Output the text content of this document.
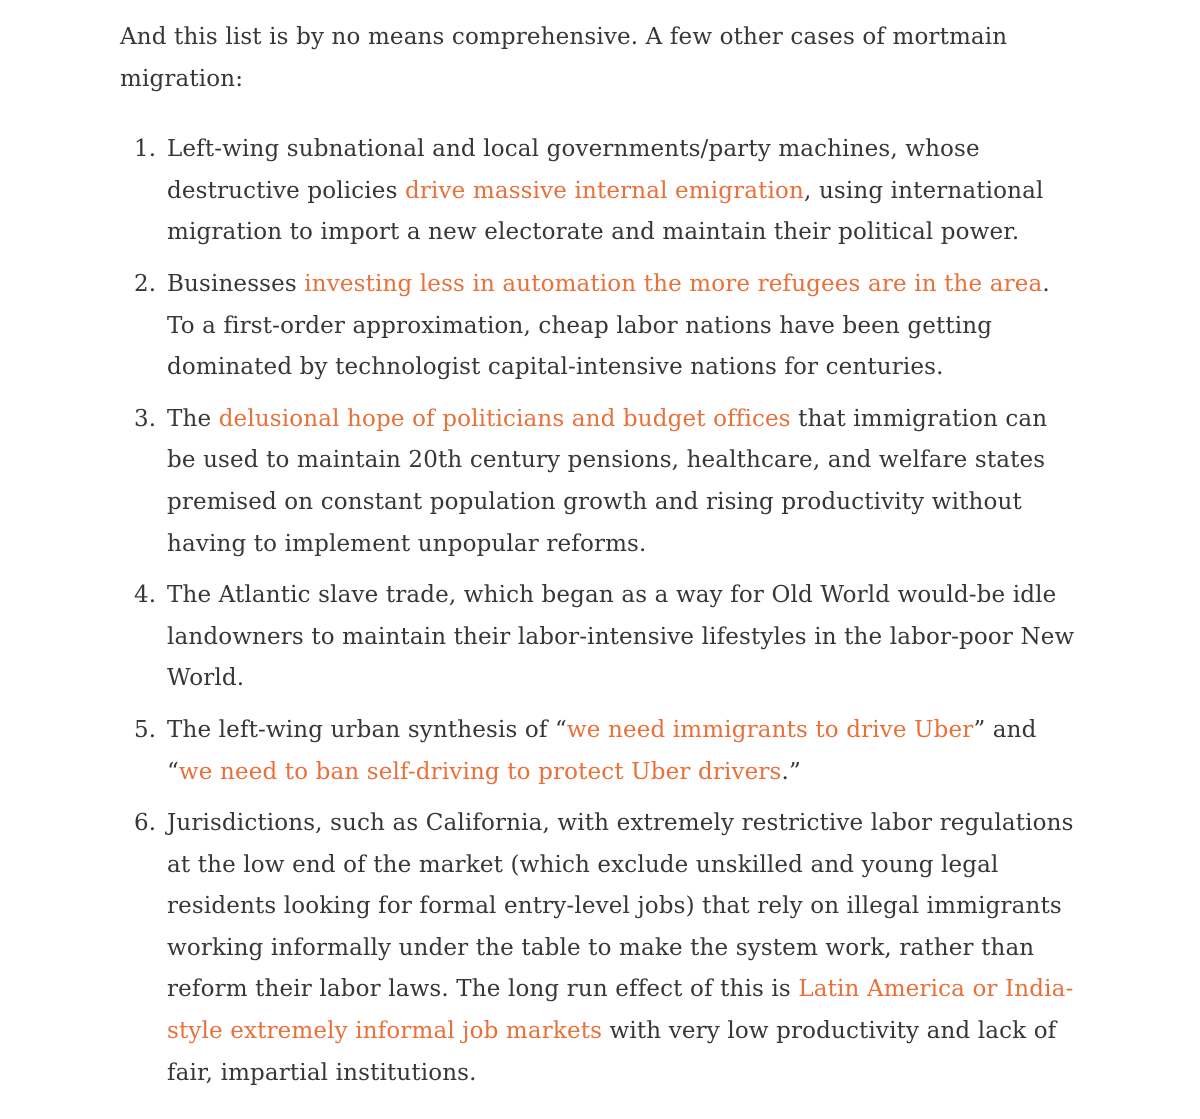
And this list is by no means comprehensive. A few other cases of mortmain migration:

1. Left-wing subnational and local governments/party machines, whose destructive policies drive massive internal emigration, using international migration to import a new electorate and maintain their political power.
2. Businesses investing less in automation the more refugees are in the area. To a first-order approximation, cheap labor nations have been getting dominated by technologist capital-intensive nations for centuries.
3. The delusional hope of politicians and budget offices that immigration can be used to maintain 20th century pensions, healthcare, and welfare states premised on constant population growth and rising productivity without having to implement unpopular reforms.
4. The Atlantic slave trade, which began as a way for Old World would-be idle landowners to maintain their labor-intensive lifestyles in the labor-poor New World.
5. The left-wing urban synthesis of “we need immigrants to drive Uber” and “we need to ban self-driving to protect Uber drivers.”
6. Jurisdictions, such as California, with extremely restrictive labor regulations at the low end of the market (which exclude unskilled and young legal residents looking for formal entry-level jobs) that rely on illegal immigrants working informally under the table to make the system work, rather than reform their labor laws. The long run effect of this is Latin America or India-style extremely informal job markets with very low productivity and lack of fair, impartial institutions.
